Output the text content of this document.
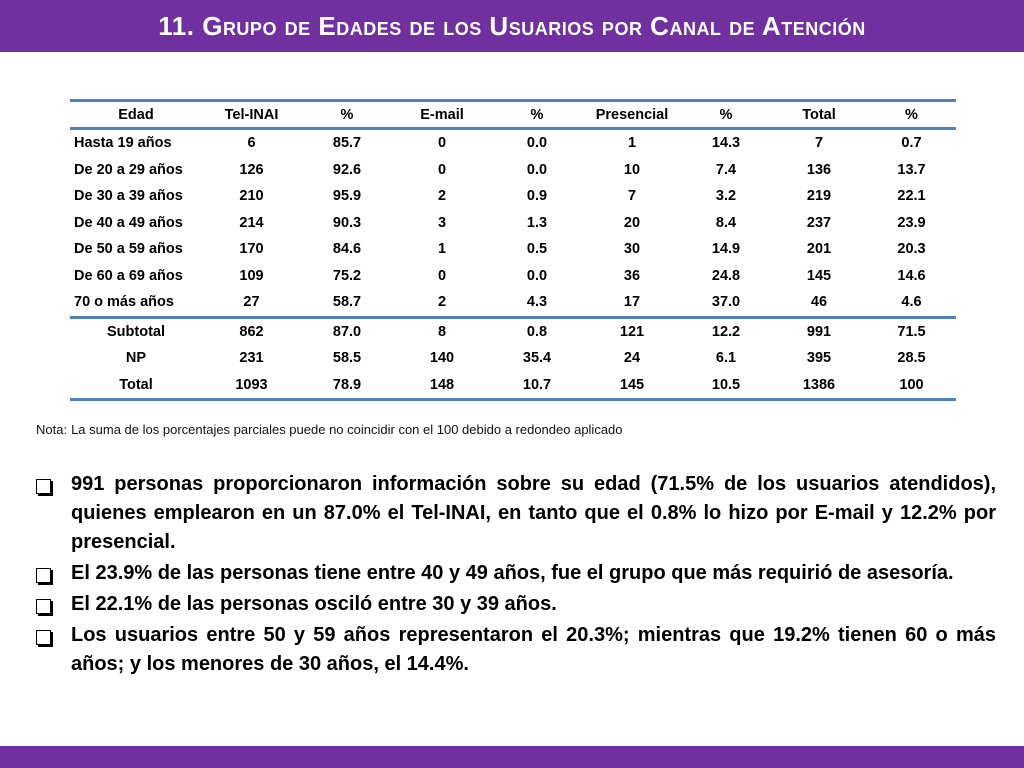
11. Grupo de Edades de los Usuarios por Canal de Atención
Edad	Tel-INAI	%	E-mail	%	Presencial	%	Total	%
Hasta 19 años	6	85.7	0	0.0	1	14.3	7	0.7
De 20 a 29 años	126	92.6	0	0.0	10	7.4	136	13.7
De 30 a 39 años	210	95.9	2	0.9	7	3.2	219	22.1
De 40 a 49 años	214	90.3	3	1.3	20	8.4	237	23.9
De 50 a 59 años	170	84.6	1	0.5	30	14.9	201	20.3
De 60 a 69 años	109	75.2	0	0.0	36	24.8	145	14.6
70 o más años	27	58.7	2	4.3	17	37.0	46	4.6
Subtotal	862	87.0	8	0.8	121	12.2	991	71.5
NP	231	58.5	140	35.4	24	6.1	395	28.5
Total	1093	78.9	148	10.7	145	10.5	1386	100
Nota: La suma de los porcentajes parciales puede no coincidir con el 100 debido a redondeo aplicado
991 personas proporcionaron información sobre su edad (71.5% de los usuarios atendidos), quienes emplearon en un 87.0% el Tel-INAI, en tanto que el 0.8% lo hizo por E-mail y 12.2% por presencial.
El 23.9% de las personas tiene entre 40 y 49 años, fue el grupo que más requirió de asesoría.
El 22.1% de las personas osciló entre 30 y 39 años.
Los usuarios entre 50 y 59 años representaron el 20.3%; mientras que 19.2% tienen 60 o más años; y los menores de 30 años, el 14.4%.
